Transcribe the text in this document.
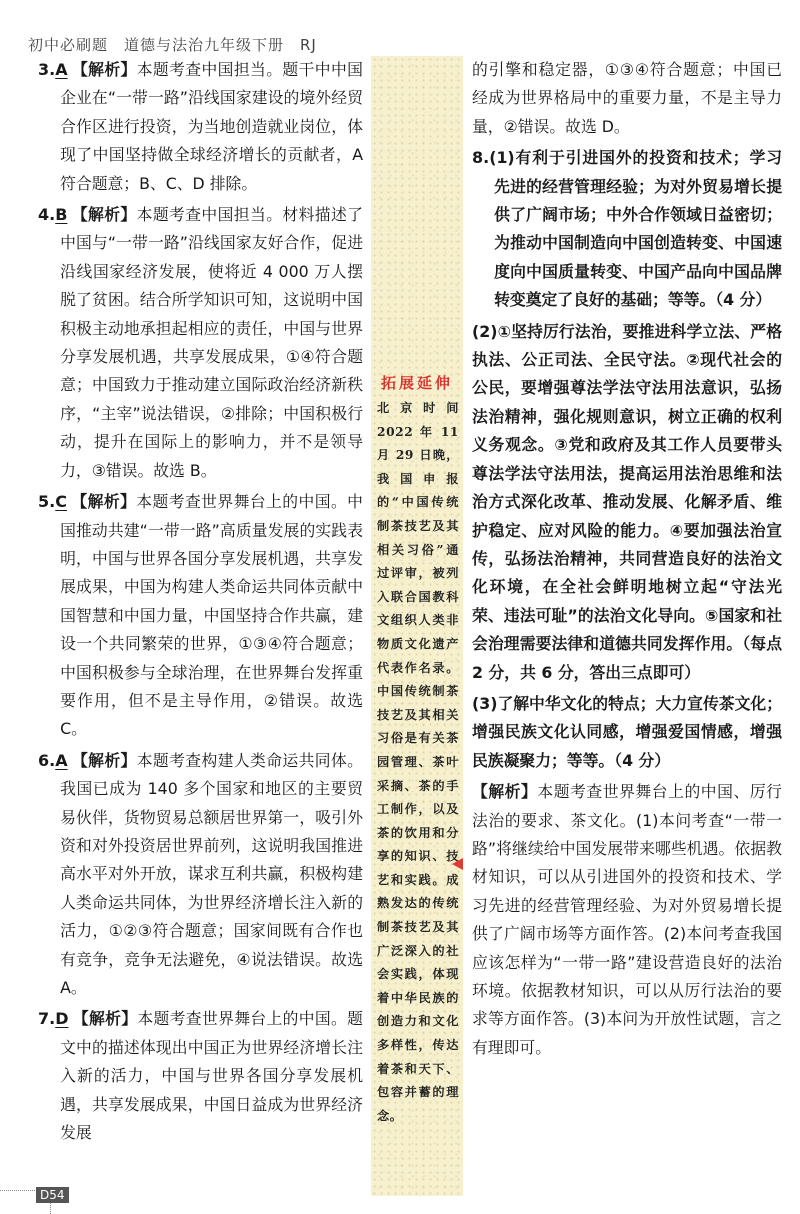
初中必刷题　道德与法治九年级下册　RJ

3.A 【解析】本题考查中国担当。题干中中国企业在“一带一路”沿线国家建设的境外经贸合作区进行投资，为当地创造就业岗位，体现了中国坚持做全球经济增长的贡献者，A 符合题意；B、C、D 排除。

4.B 【解析】本题考查中国担当。材料描述了中国与“一带一路”沿线国家友好合作，促进沿线国家经济发展，使将近 4 000 万人摆脱了贫困。结合所学知识可知，这说明中国积极主动地承担起相应的责任，中国与世界分享发展机遇，共享发展成果，①④符合题意；中国致力于推动建立国际政治经济新秩序，“主宰”说法错误，②排除；中国积极行动，提升在国际上的影响力，并不是领导力，③错误。故选 B。

5.C 【解析】本题考查世界舞台上的中国。中国推动共建“一带一路”高质量发展的实践表明，中国与世界各国分享发展机遇，共享发展成果，中国为构建人类命运共同体贡献中国智慧和中国力量，中国坚持合作共赢，建设一个共同繁荣的世界，①③④符合题意；中国积极参与全球治理，在世界舞台发挥重要作用，但不是主导作用，②错误。故选 C。

6.A 【解析】本题考查构建人类命运共同体。我国已成为 140 多个国家和地区的主要贸易伙伴，货物贸易总额居世界第一，吸引外资和对外投资居世界前列，这说明我国推进高水平对外开放，谋求互利共赢，积极构建人类命运共同体，为世界经济增长注入新的活力，①②③符合题意；国家间既有合作也有竞争，竞争无法避免，④说法错误。故选 A。

7.D 【解析】本题考查世界舞台上的中国。题文中的描述体现出中国正为世界经济增长注入新的活力，中国与世界各国分享发展机遇，共享发展成果，中国日益成为世界经济发展

拓展延伸
北京时间 2022 年 11 月 29 日晚，我国申报的“中国传统制茶技艺及其相关习俗”通过评审，被列入联合国教科文组织人类非物质文化遗产代表作名录。中国传统制茶技艺及其相关习俗是有关茶园管理、茶叶采摘、茶的手工制作，以及茶的饮用和分享的知识、技艺和实践。成熟发达的传统制茶技艺及其广泛深入的社会实践，体现着中华民族的创造力和文化多样性，传达着茶和天下、包容并蓄的理念。

的引擎和稳定器，①③④符合题意；中国已经成为世界格局中的重要力量，不是主导力量，②错误。故选 D。

8.(1)有利于引进国外的投资和技术；学习先进的经营管理经验；为对外贸易增长提供了广阔市场；中外合作领域日益密切；为推动中国制造向中国创造转变、中国速度向中国质量转变、中国产品向中国品牌转变奠定了良好的基础；等等。（4 分）

(2)①坚持厉行法治，要推进科学立法、严格执法、公正司法、全民守法。②现代社会的公民，要增强尊法学法守法用法意识，弘扬法治精神，强化规则意识，树立正确的权利义务观念。③党和政府及其工作人员要带头尊法学法守法用法，提高运用法治思维和法治方式深化改革、推动发展、化解矛盾、维护稳定、应对风险的能力。④要加强法治宣传，弘扬法治精神，共同营造良好的法治文化环境，在全社会鲜明地树立起“守法光荣、违法可耻”的法治文化导向。⑤国家和社会治理需要法律和道德共同发挥作用。（每点 2 分，共 6 分，答出三点即可）

(3)了解中华文化的特点；大力宣传茶文化；增强民族文化认同感，增强爱国情感，增强民族凝聚力；等等。（4 分）

【解析】本题考查世界舞台上的中国、厉行法治的要求、茶文化。(1)本问考查“一带一路”将继续给中国发展带来哪些机遇。依据教材知识，可以从引进国外的投资和技术、学习先进的经营管理经验、为对外贸易增长提供了广阔市场等方面作答。(2)本问考查我国应该怎样为“一带一路”建设营造良好的法治环境。依据教材知识，可以从厉行法治的要求等方面作答。(3)本问为开放性试题，言之有理即可。

D54
